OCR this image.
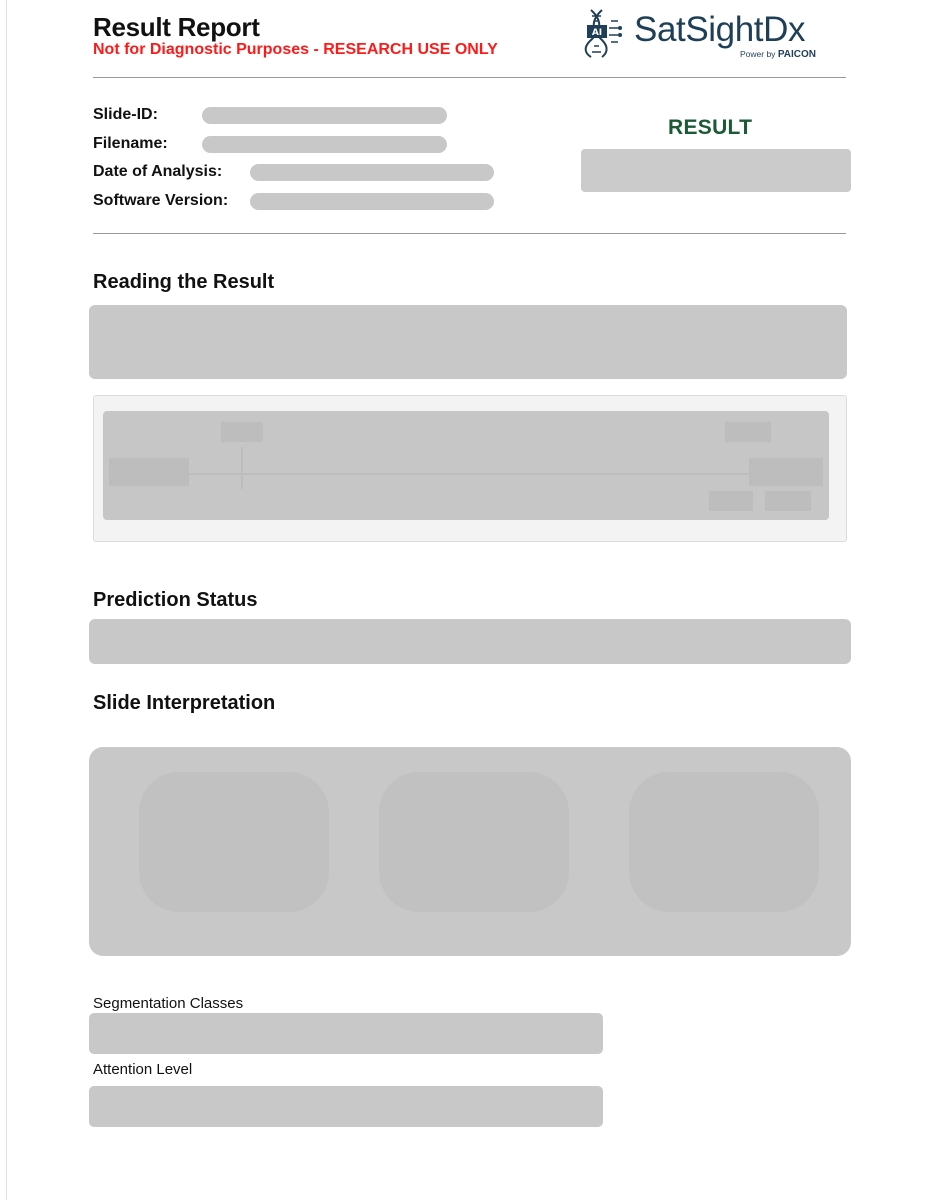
Result Report
Not for Diagnostic Purposes - RESEARCH USE ONLY
AI SatSightDx
Power by PAICON
Slide-ID:
Filename:
Date of Analysis:
Software Version:
RESULT
Reading the Result
Prediction Status
Slide Interpretation
Segmentation Classes
Attention Level
